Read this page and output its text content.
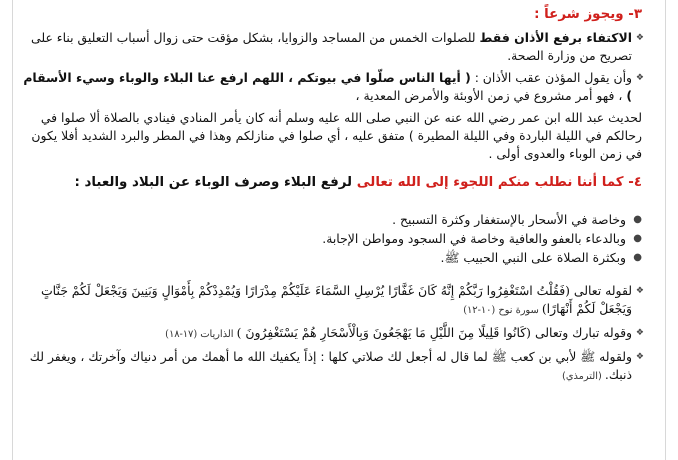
٣- ويجوز شرعاً :
❖
الاكتفاء برفع الأذان فقط للصلوات الخمس من المساجد والزوايا، بشكل مؤقت حتى زوال أسباب التعليق بناء على تصريح من وزارة الصحة.
❖
وأن يقول المؤذن عقب الأذان : ( أيها الناس صلّوا في بيوتكم ، اللهم ارفع عنا البلاء والوباء وسيء الأسقام ) ، فهو أمر مشروع في زمن الأوبئة والأمرض المعدية ،
لحديث عبد الله ابن عمر رضي الله عنه عن النبي صلى الله عليه وسلم أنه كان يأمر المنادي فينادي بالصلاة ألا صلوا في رحالكم في الليلة الباردة وفي الليلة المطيرة ) متفق عليه ، أي صلوا في منازلكم وهذا في المطر والبرد الشديد أفلا يكون في زمن الوباء والعدوى أولى .
٤- كما أننا نطلب منكم اللجوء إلى الله تعالى لرفع البلاء وصرف الوباء عن البلاد والعباد :
●
وخاصة في الأسحار بالإستغفار وكثرة التسبيح .
●
وبالدعاء بالعفو والعافية وخاصة في السجود ومواطن الإجابة.
●
وبكثرة الصلاة على النبي الحبيب ﷺ.
❖
لقوله تعالى (فَقُلْتُ اسْتَغْفِرُوا رَبَّكُمْ إِنَّهُ كَانَ غَفَّارًا يُرْسِلِ السَّمَاءَ عَلَيْكُمْ مِدْرَارًا وَيُمْدِدْكُمْ بِأَمْوَالٍ وَبَنِينَ وَيَجْعَلْ لَكُمْ جَنَّاتٍ وَيَجْعَلْ لَكُمْ أَنْهَارًا) سورة نوح (١٠-١٢)
❖
وقوله تبارك وتعالى (كَانُوا قَلِيلًا مِنَ اللَّيْلِ مَا يَهْجَعُونَ وَبِالْأَسْحَارِ هُمْ يَسْتَغْفِرُونَ ) الذاريات (١٧-١٨)
❖
ولقوله ﷺ لأبي بن كعب ﷺ لما قال له أجعل لك صلاتي كلها : إذاً يكفيك الله ما أهمك من أمر دنياك وآخرتك ، ويغفر لك ذنبك. (الترمذي)
